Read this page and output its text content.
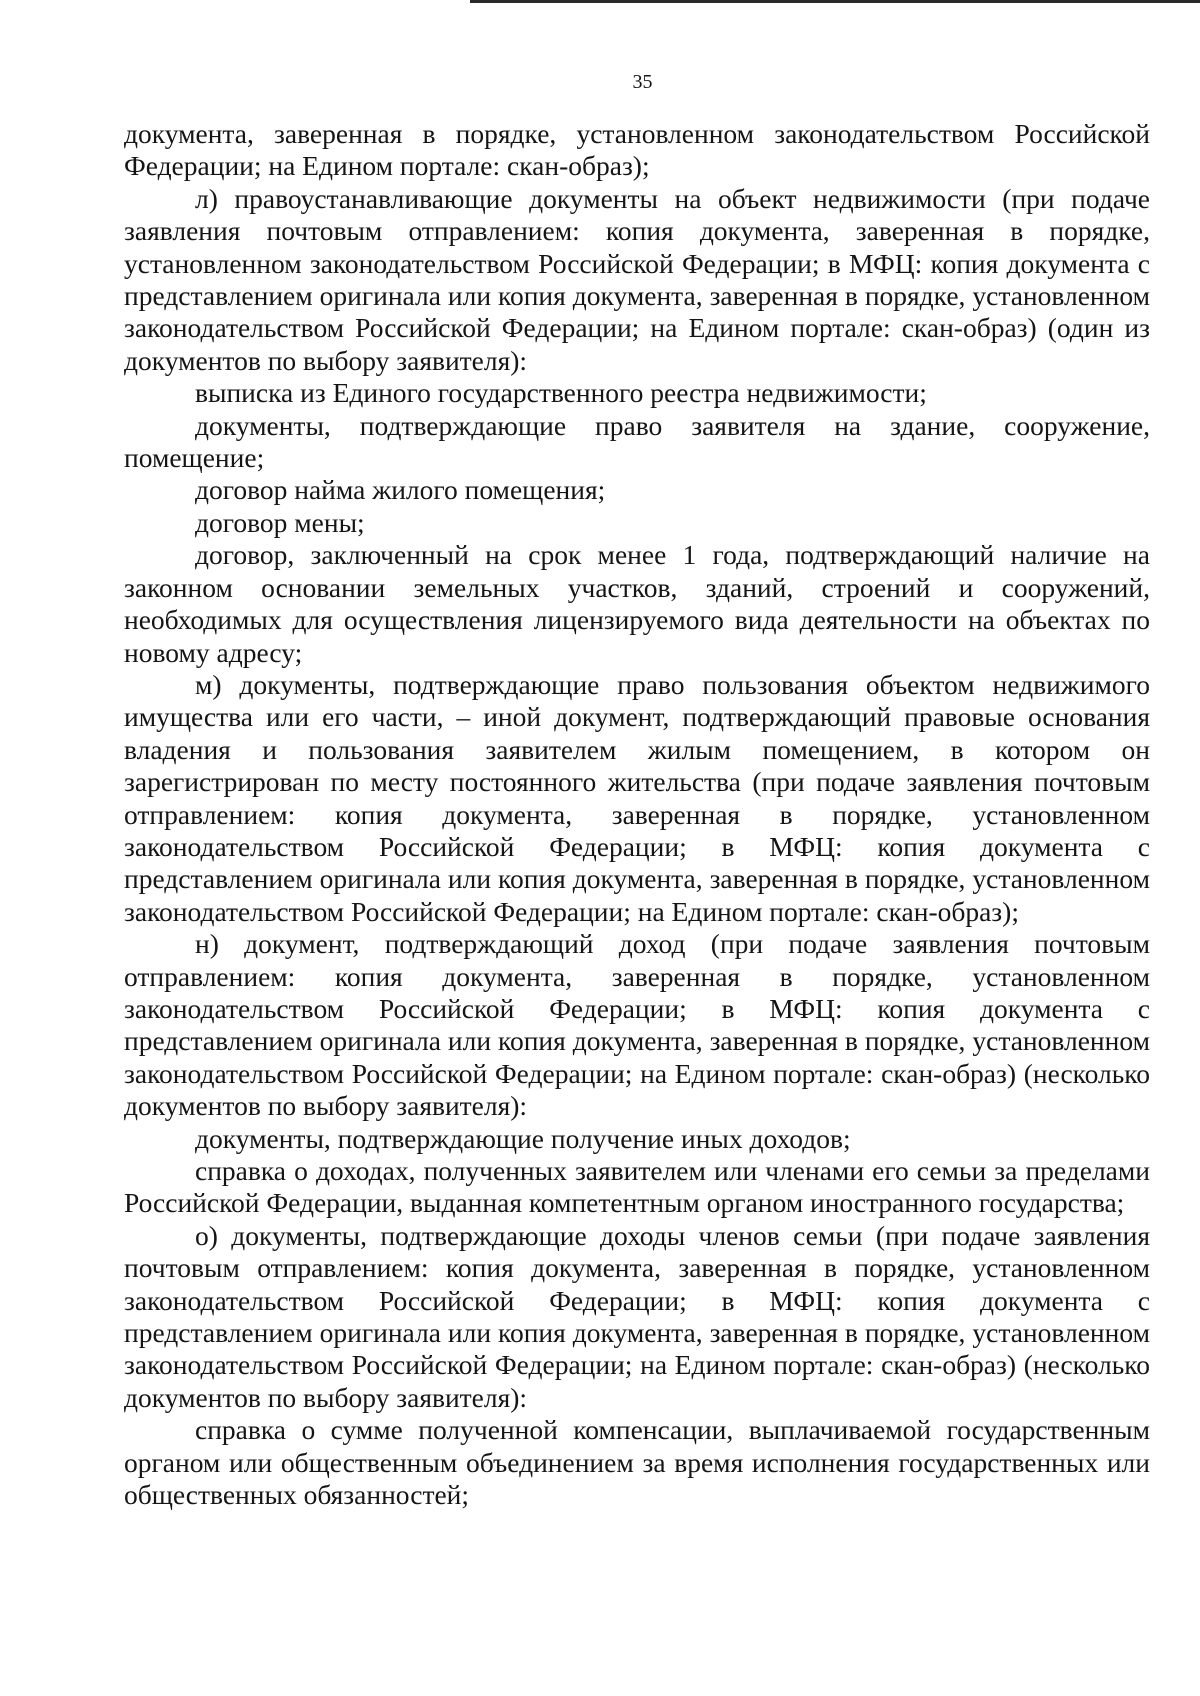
35

документа, заверенная в порядке, установленном законодательством Российской Федерации; на Едином портале: скан-образ);

л) правоустанавливающие документы на объект недвижимости (при подаче заявления почтовым отправлением: копия документа, заверенная в порядке, установленном законодательством Российской Федерации; в МФЦ: копия документа с представлением оригинала или копия документа, заверенная в порядке, установленном законодательством Российской Федерации; на Едином портале: скан-образ) (один из документов по выбору заявителя):

выписка из Единого государственного реестра недвижимости;

документы, подтверждающие право заявителя на здание, сооружение, помещение;

договор найма жилого помещения;

договор мены;

договор, заключенный на срок менее 1 года, подтверждающий наличие на законном основании земельных участков, зданий, строений и сооружений, необходимых для осуществления лицензируемого вида деятельности на объектах по новому адресу;

м) документы, подтверждающие право пользования объектом недвижимого имущества или его части, – иной документ, подтверждающий правовые основания владения и пользования заявителем жилым помещением, в котором он зарегистрирован по месту постоянного жительства (при подаче заявления почтовым отправлением: копия документа, заверенная в порядке, установленном законодательством Российской Федерации; в МФЦ: копия документа с представлением оригинала или копия документа, заверенная в порядке, установленном законодательством Российской Федерации; на Едином портале: скан-образ);

н) документ, подтверждающий доход (при подаче заявления почтовым отправлением: копия документа, заверенная в порядке, установленном законодательством Российской Федерации; в МФЦ: копия документа с представлением оригинала или копия документа, заверенная в порядке, установленном законодательством Российской Федерации; на Едином портале: скан-образ) (несколько документов по выбору заявителя):

документы, подтверждающие получение иных доходов;

справка о доходах, полученных заявителем или членами его семьи за пределами Российской Федерации, выданная компетентным органом иностранного государства;

о) документы, подтверждающие доходы членов семьи (при подаче заявления почтовым отправлением: копия документа, заверенная в порядке, установленном законодательством Российской Федерации; в МФЦ: копия документа с представлением оригинала или копия документа, заверенная в порядке, установленном законодательством Российской Федерации; на Едином портале: скан-образ) (несколько документов по выбору заявителя):

справка о сумме полученной компенсации, выплачиваемой государственным органом или общественным объединением за время исполнения государственных или общественных обязанностей;
